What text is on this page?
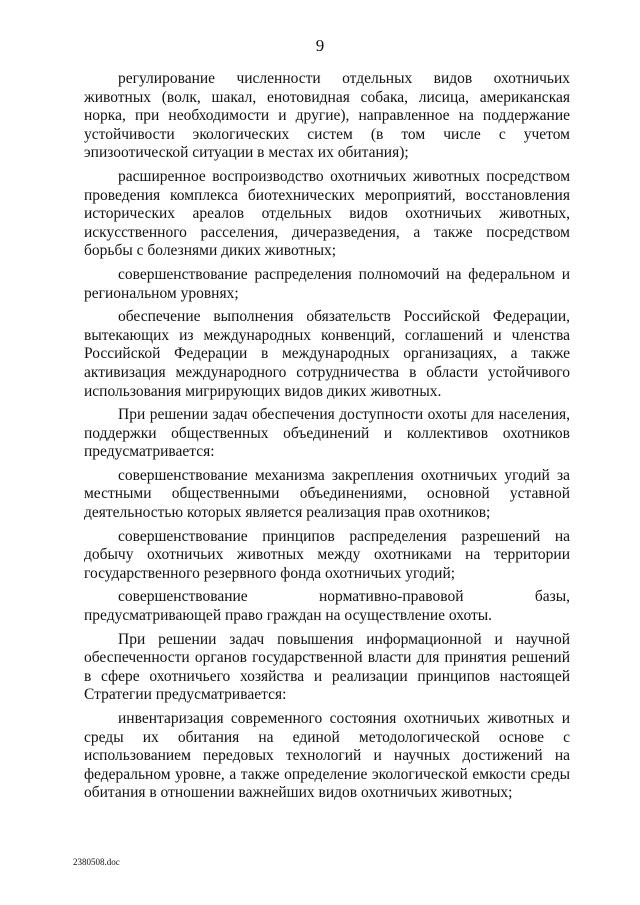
9

регулирование численности отдельных видов охотничьих животных (волк, шакал, енотовидная собака, лисица, американская норка, при необходимости и другие), направленное на поддержание устойчивости экологических систем (в том числе с учетом эпизоотической ситуации в местах их обитания);

расширенное воспроизводство охотничьих животных посредством проведения комплекса биотехнических мероприятий, восстановления исторических ареалов отдельных видов охотничьих животных, искусственного расселения, дичеразведения, а также посредством борьбы с болезнями диких животных;

совершенствование распределения полномочий на федеральном и региональном уровнях;

обеспечение выполнения обязательств Российской Федерации, вытекающих из международных конвенций, соглашений и членства Российской Федерации в международных организациях, а также активизация международного сотрудничества в области устойчивого использования мигрирующих видов диких животных.

При решении задач обеспечения доступности охоты для населения, поддержки общественных объединений и коллективов охотников предусматривается:

совершенствование механизма закрепления охотничьих угодий за местными общественными объединениями, основной уставной деятельностью которых является реализация прав охотников;

совершенствование принципов распределения разрешений на добычу охотничьих животных между охотниками на территории государственного резервного фонда охотничьих угодий;

совершенствование нормативно-правовой базы, предусматривающей право граждан на осуществление охоты.

При решении задач повышения информационной и научной обеспеченности органов государственной власти для принятия решений в сфере охотничьего хозяйства и реализации принципов настоящей Стратегии предусматривается:

инвентаризация современного состояния охотничьих животных и среды их обитания на единой методологической основе с использованием передовых технологий и научных достижений на федеральном уровне, а также определение экологической емкости среды обитания в отношении важнейших видов охотничьих животных;

2380508.doc
